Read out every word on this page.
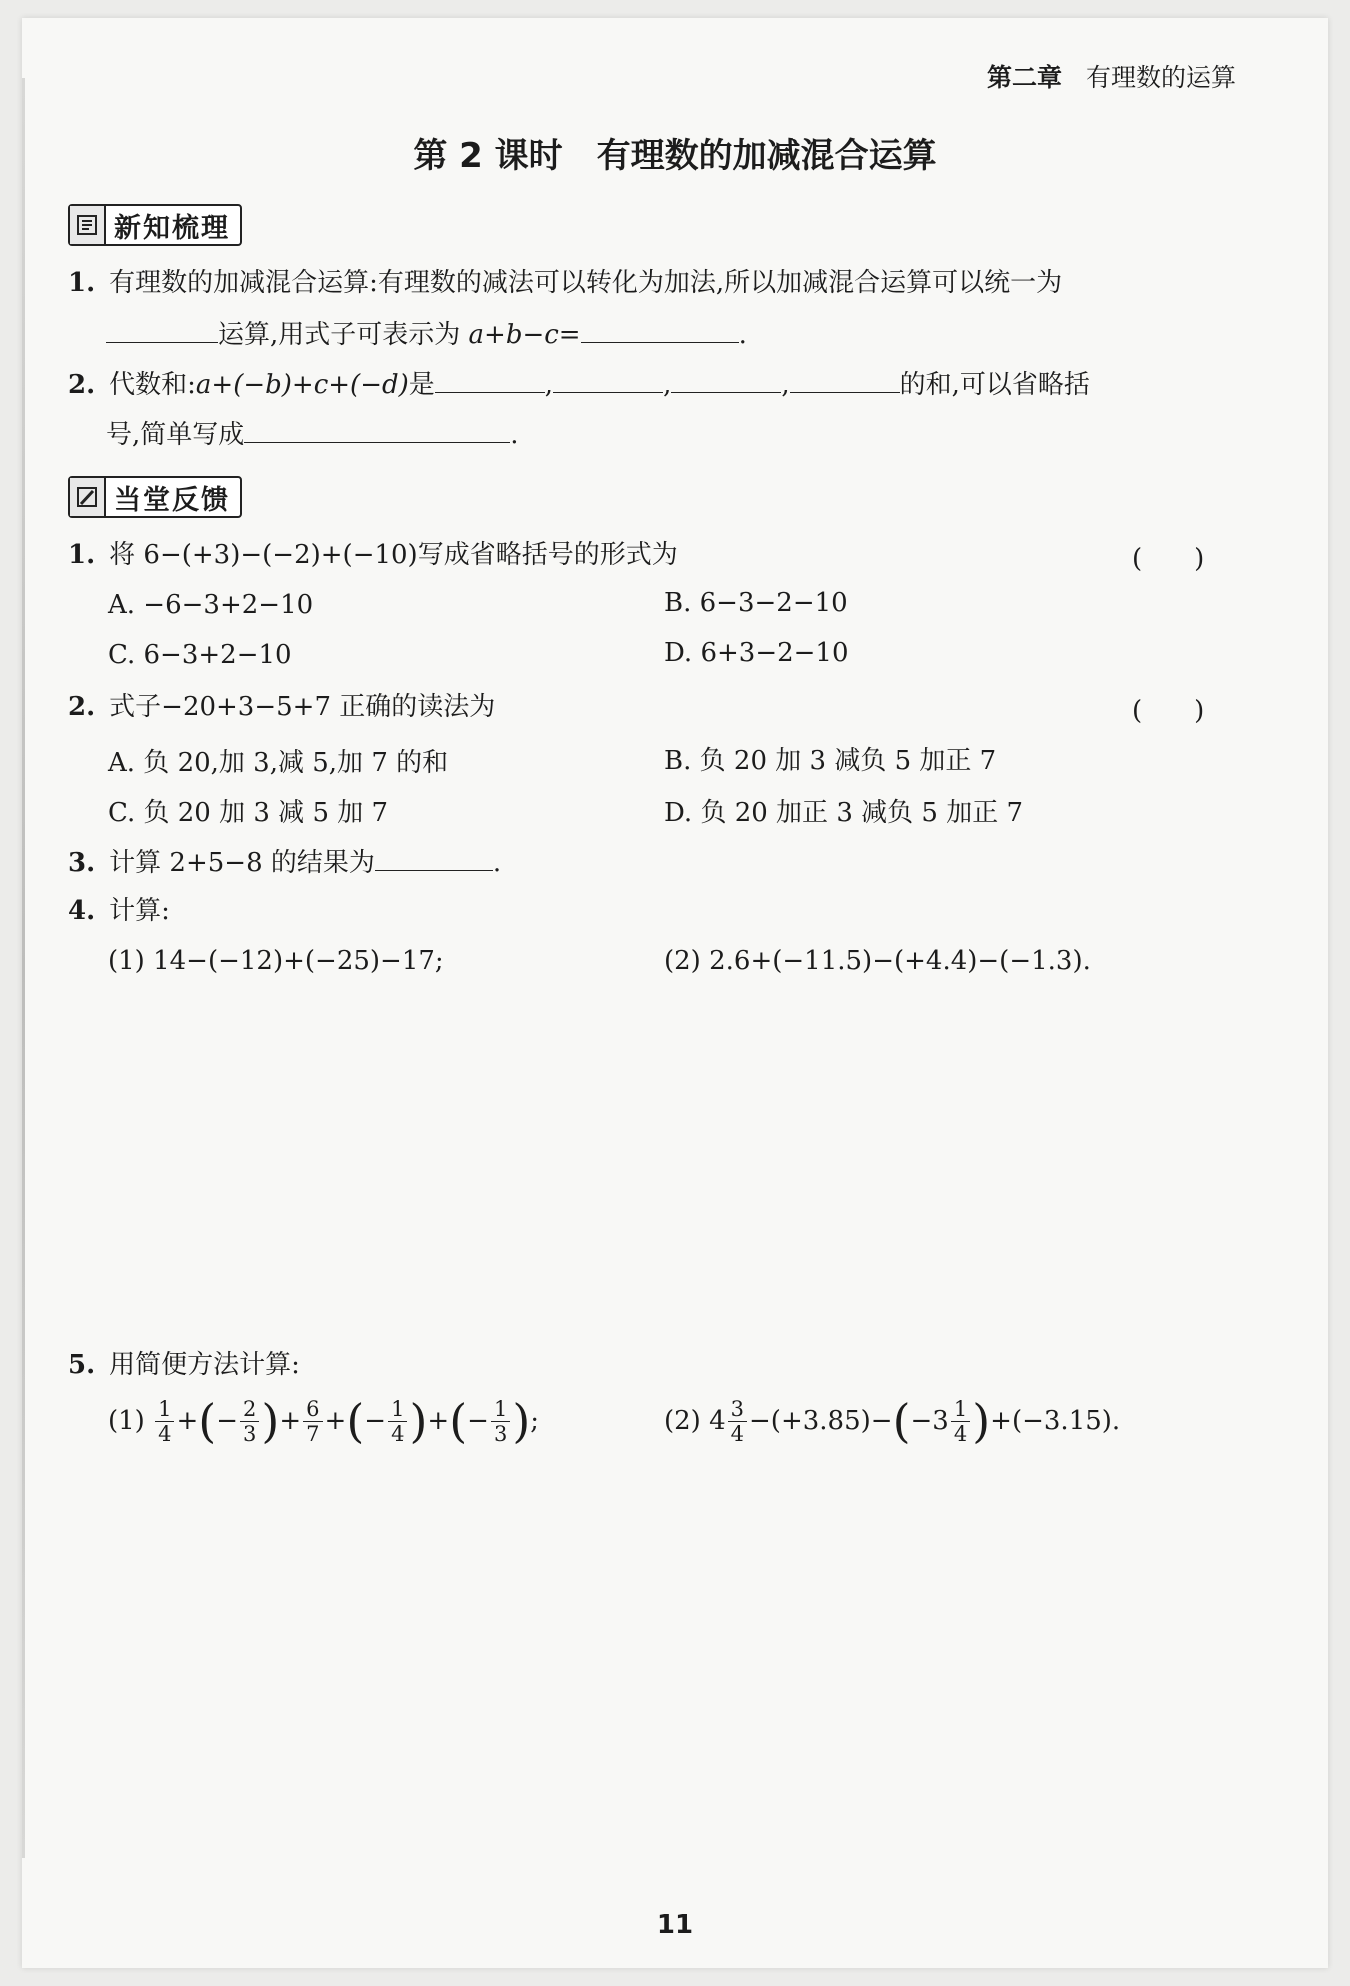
第二章 有理数的运算
第 2 课时　有理数的加减混合运算
新知梳理
1. 有理数的加减混合运算:有理数的减法可以转化为加法,所以加减混合运算可以统一为
运算,用式子可表示为 a+b−c=	.
2. 代数和:a+(−b)+c+(−d)是	,	,	,	的和,可以省略括
号,简单写成	.
当堂反馈
1. 将 6−(+3)−(−2)+(−10)写成省略括号的形式为	(　　)
A. −6−3+2−10	B. 6−3−2−10
C. 6−3+2−10	D. 6+3−2−10
2. 式子−20+3−5+7 正确的读法为	(　　)
A. 负 20,加 3,减 5,加 7 的和	B. 负 20 加 3 减负 5 加正 7
C. 负 20 加 3 减 5 加 7	D. 负 20 加正 3 减负 5 加正 7
3. 计算 2+5−8 的结果为	.
4. 计算:
(1) 14−(−12)+(−25)−17;	(2) 2.6+(−11.5)−(+4.4)−(−1.3).
5. 用简便方法计算:
(1)
$\frac{1}{4}$ + ( − $\frac{2}{3}$ ) + $\frac{6}{7}$ + ( − $\frac{1}{4}$ ) + ( − $\frac{1}{3}$ ) ;	(2) $4 \frac{3}{4} -(+3.85)-$ ( $-3 \frac{1}{4}$ ) +(−3.15).
11
